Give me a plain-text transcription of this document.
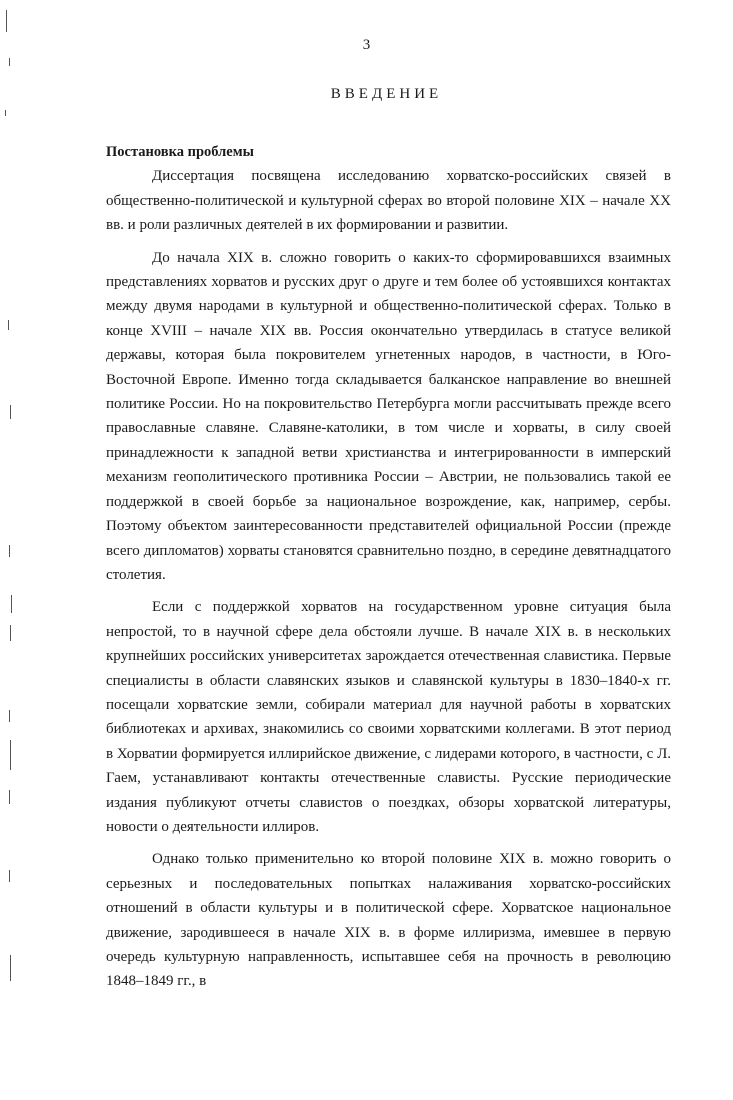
3
ВВЕДЕНИЕ
Постановка проблемы

Диссертация посвящена исследованию хорватско-российских связей в общественно-политической и культурной сферах во второй половине XIX – начале XX вв. и роли различных деятелей в их формировании и развитии.

До начала XIX в. сложно говорить о каких-то сформировавшихся взаимных представлениях хорватов и русских друг о друге и тем более об устоявшихся контактах между двумя народами в культурной и общественно-политической сферах. Только в конце XVIII – начале XIX вв. Россия окончательно утвердилась в статусе великой державы, которая была покровителем угнетенных народов, в частности, в Юго-Восточной Европе. Именно тогда складывается балканское направление во внешней политике России. Но на покровительство Петербурга могли рассчитывать прежде всего православные славяне. Славяне-католики, в том числе и хорваты, в силу своей принадлежности к западной ветви христианства и интегрированности в имперский механизм геополитического противника России – Австрии, не пользовались такой ее поддержкой в своей борьбе за национальное возрождение, как, например, сербы. Поэтому объектом заинтересованности представителей официальной России (прежде всего дипломатов) хорваты становятся сравнительно поздно, в середине девятнадцатого столетия.

Если с поддержкой хорватов на государственном уровне ситуация была непростой, то в научной сфере дела обстояли лучше. В начале XIX в. в нескольких крупнейших российских университетах зарождается отечественная славистика. Первые специалисты в области славянских языков и славянской культуры в 1830–1840-х гг. посещали хорватские земли, собирали материал для научной работы в хорватских библиотеках и архивах, знакомились со своими хорватскими коллегами. В этот период в Хорватии формируется иллирийское движение, с лидерами которого, в частности, с Л. Гаем, устанавливают контакты отечественные слависты. Русские периодические издания публикуют отчеты славистов о поездках, обзоры хорватской литературы, новости о деятельности иллиров.

Однако только применительно ко второй половине XIX в. можно говорить о серьезных и последовательных попытках налаживания хорватско-российских отношений в области культуры и в политической сфере. Хорватское национальное движение, зародившееся в начале XIX в. в форме иллиризма, имевшее в первую очередь культурную направленность, испытавшее себя на прочность в революцию 1848–1849 гг., в
